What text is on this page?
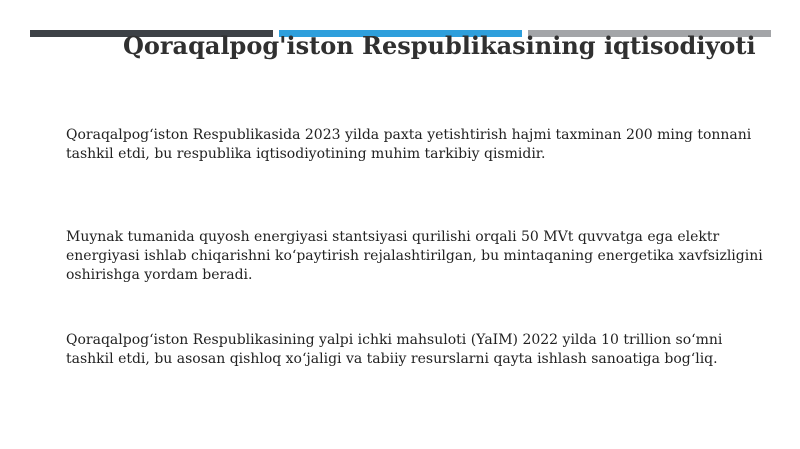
Qoraqalpog'iston Respublikasining iqtisodiyoti
Qoraqalpog‘iston Respublikasida 2023 yilda paxta yetishtirish hajmi taxminan 200 ming tonnani tashkil etdi, bu respublika iqtisodiyotining muhim tarkibiy qismidir.
Muynak tumanida quyosh energiyasi stantsiyasi qurilishi orqali 50 MVt quvvatga ega elektr energiyasi ishlab chiqarishni ko‘paytirish rejalashtirilgan, bu mintaqaning energetika xavfsizligini oshirishga yordam beradi.
Qoraqalpog‘iston Respublikasining yalpi ichki mahsuloti (YaIM) 2022 yilda 10 trillion so‘mni tashkil etdi, bu asosan qishloq xo‘jaligi va tabiiy resurslarni qayta ishlash sanoatiga bog‘liq.
